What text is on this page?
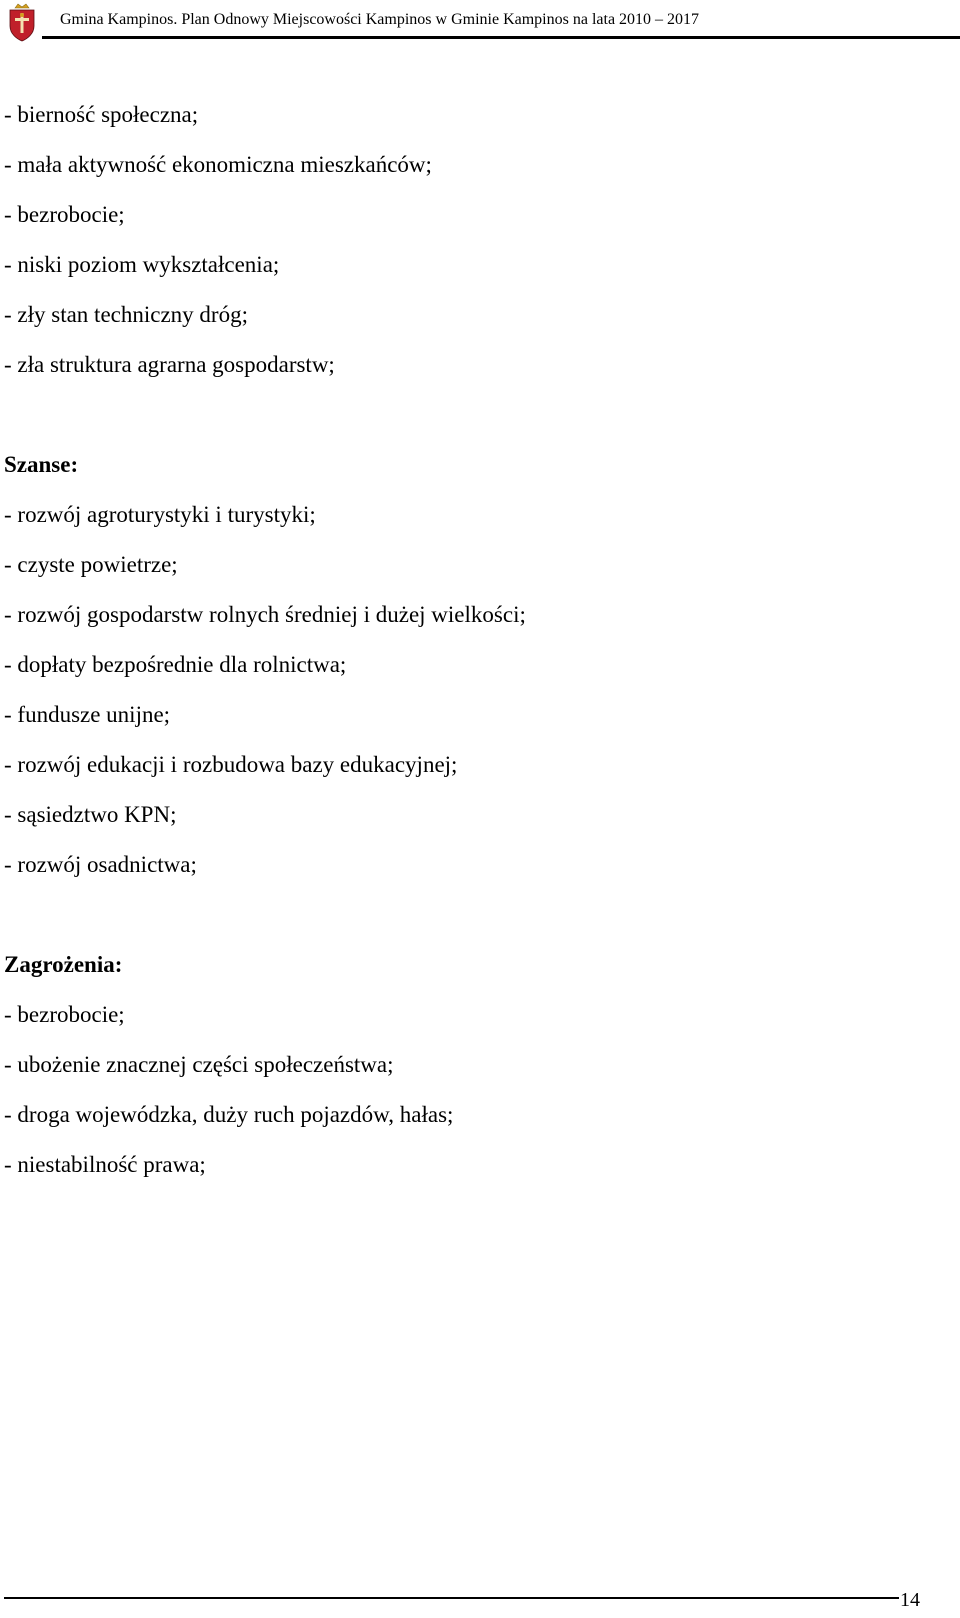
Gmina Kampinos. Plan Odnowy Miejscowości Kampinos w Gminie Kampinos na lata 2010 – 2017
- bierność społeczna;
- mała aktywność ekonomiczna mieszkańców;
- bezrobocie;
- niski poziom wykształcenia;
- zły stan techniczny dróg;
- zła struktura agrarna gospodarstw;
Szanse:
- rozwój agroturystyki i turystyki;
- czyste powietrze;
- rozwój gospodarstw rolnych średniej i dużej wielkości;
- dopłaty bezpośrednie dla rolnictwa;
- fundusze unijne;
- rozwój edukacji i rozbudowa bazy edukacyjnej;
- sąsiedztwo KPN;
- rozwój osadnictwa;
Zagrożenia:
- bezrobocie;
- ubożenie znacznej części społeczeństwa;
- droga wojewódzka, duży ruch pojazdów, hałas;
- niestabilność prawa;
14
